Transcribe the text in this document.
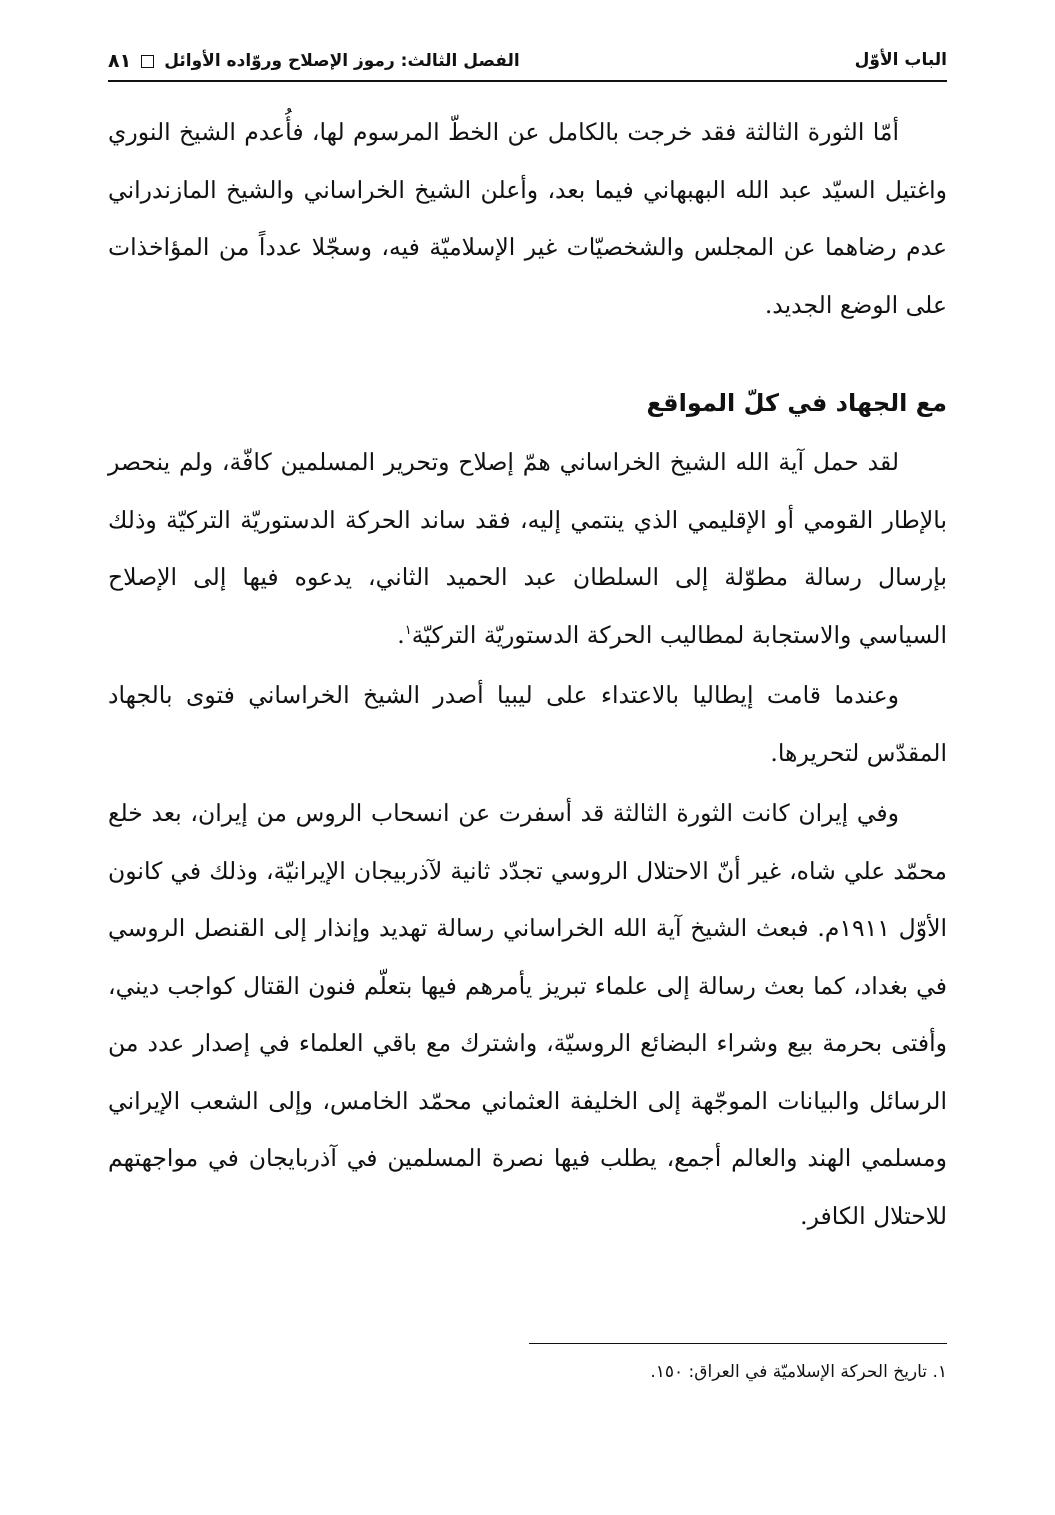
الباب الأوّل
الفصل الثالث: رموز الإصلاح وروّاده الأوائل
٨١

أمّا الثورة الثالثة فقد خرجت بالكامل عن الخطّ المرسوم لها، فأُعدم الشيخ النوري واغتيل السيّد عبد الله البهبهاني فيما بعد، وأعلن الشيخ الخراساني والشيخ المازندراني عدم رضاهما عن المجلس والشخصيّات غير الإسلاميّة فيه، وسجّلا عدداً من المؤاخذات على الوضع الجديد.

مع الجهاد في كلّ المواقع

لقد حمل آية الله الشيخ الخراساني همّ إصلاح وتحرير المسلمين كافّة، ولم ينحصر بالإطار القومي أو الإقليمي الذي ينتمي إليه، فقد ساند الحركة الدستوريّة التركيّة وذلك بإرسال رسالة مطوّلة إلى السلطان عبد الحميد الثاني، يدعوه فيها إلى الإصلاح السياسي والاستجابة لمطاليب الحركة الدستوريّة التركيّة$^١$.

وعندما قامت إيطاليا بالاعتداء على ليبيا أصدر الشيخ الخراساني فتوى بالجهاد المقدّس لتحريرها.

وفي إيران كانت الثورة الثالثة قد أسفرت عن انسحاب الروس من إيران، بعد خلع محمّد علي شاه، غير أنّ الاحتلال الروسي تجدّد ثانية لآذربيجان الإيرانيّة، وذلك في كانون الأوّل ١٩١١م. فبعث الشيخ آية الله الخراساني رسالة تهديد وإنذار إلى القنصل الروسي في بغداد، كما بعث رسالة إلى علماء تبريز يأمرهم فيها بتعلّم فنون القتال كواجب ديني، وأفتى بحرمة بيع وشراء البضائع الروسيّة، واشترك مع باقي العلماء في إصدار عدد من الرسائل والبيانات الموجّهة إلى الخليفة العثماني محمّد الخامس، وإلى الشعب الإيراني ومسلمي الهند والعالم أجمع، يطلب فيها نصرة المسلمين في آذربايجان في مواجهتهم للاحتلال الكافر.

١. تاريخ الحركة الإسلاميّة في العراق: ١٥٠.
